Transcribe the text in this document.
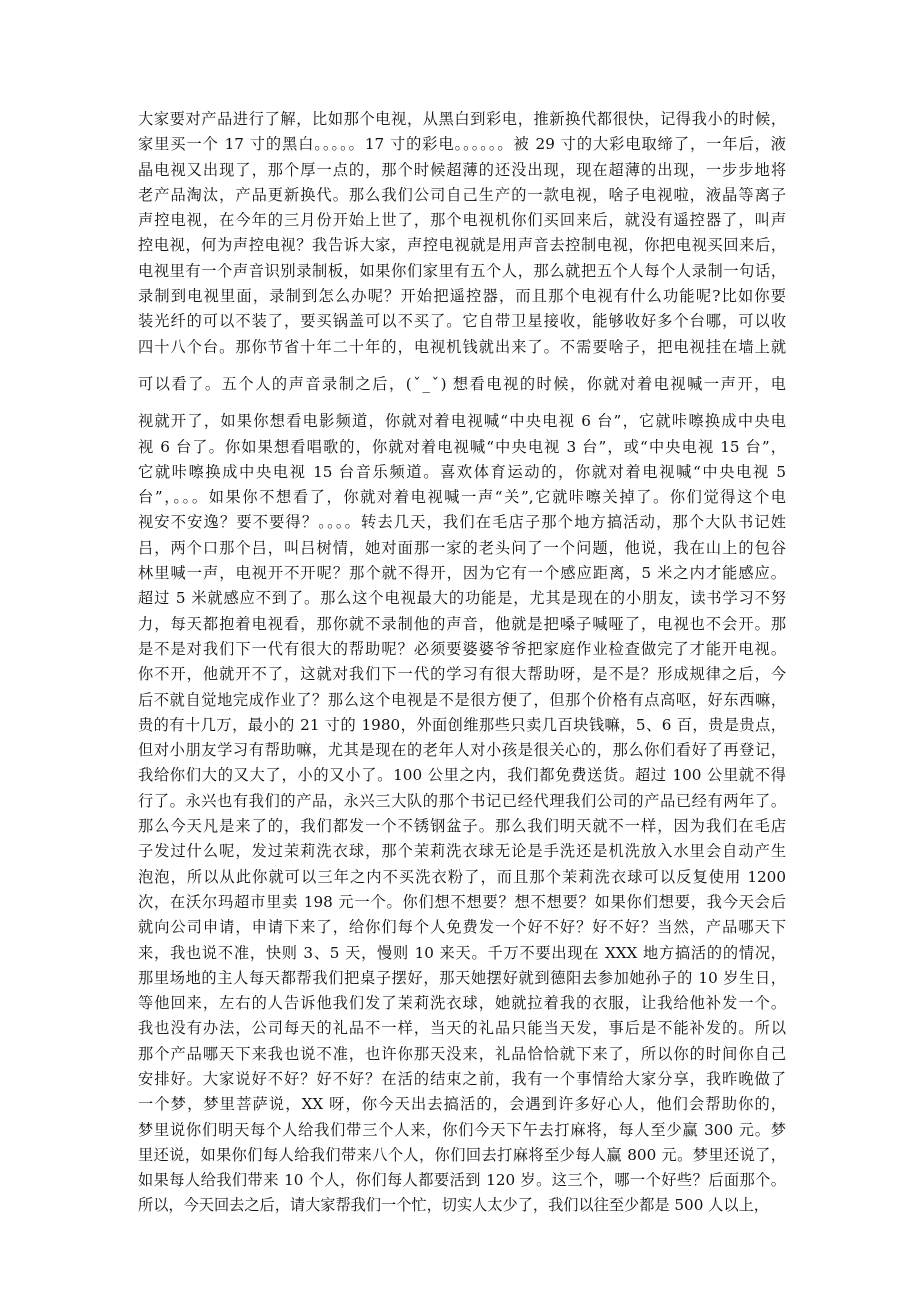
大家要对产品进行了解，比如那个电视，从黑白到彩电，推新换代都很快，记得我小的时候，
家里买一个 17 寸的黑白。。。。。17 寸的彩电。。。。。。被 29 寸的大彩电取缔了，一年后，液
晶电视又出现了，那个厚一点的，那个时候超薄的还没出现，现在超薄的出现，一步步地将
老产品淘汰，产品更新换代。那么我们公司自己生产的一款电视，啥子电视啦，液晶等离子
声控电视，在今年的三月份开始上世了，那个电视机你们买回来后，就没有遥控器了，叫声
控电视，何为声控电视？我告诉大家，声控电视就是用声音去控制电视，你把电视买回来后，
电视里有一个声音识别录制板，如果你们家里有五个人，那么就把五个人每个人录制一句话，
录制到电视里面，录制到怎么办呢？开始把遥控器，而且那个电视有什么功能呢?比如你要
装光纤的可以不装了，要买锅盖可以不买了。它自带卫星接收，能够收好多个台哪，可以收
四十八个台。那你节省十年二十年的，电视机钱就出来了。不需要啥子，把电视挂在墙上就
可以看了。五个人的声音录制之后，(ˇ_ˇ) 想看电视的时候，你就对着电视喊一声开，电
视就开了，如果你想看电影频道，你就对着电视喊“中央电视 6 台”，它就咔嚓换成中央电
视 6 台了。你如果想看唱歌的，你就对着电视喊“中央电视 3 台”，或“中央电视 15 台”，
它就咔嚓换成中央电视 15 台音乐频道。喜欢体育运动的，你就对着电视喊“中央电视 5
台”，。。。如果你不想看了，你就对着电视喊一声“关”,它就咔嚓关掉了。你们觉得这个电
视安不安逸？要不要得？。。。。转去几天，我们在毛店子那个地方搞活动，那个大队书记姓
吕，两个口那个吕，叫吕树情，她对面那一家的老头问了一个问题，他说，我在山上的包谷
林里喊一声，电视开不开呢？那个就不得开，因为它有一个感应距离，5 米之内才能感应。
超过 5 米就感应不到了。那么这个电视最大的功能是，尤其是现在的小朋友，读书学习不努
力，每天都抱着电视看，那你就不录制他的声音，他就是把嗓子喊哑了，电视也不会开。那
是不是对我们下一代有很大的帮助呢？必须要婆婆爷爷把家庭作业检查做完了才能开电视。
你不开，他就开不了，这就对我们下一代的学习有很大帮助呀，是不是？形成规律之后，今
后不就自觉地完成作业了？那么这个电视是不是很方便了，但那个价格有点高呕，好东西嘛，
贵的有十几万，最小的 21 寸的 1980，外面创维那些只卖几百块钱嘛，5、6 百，贵是贵点，
但对小朋友学习有帮助嘛，尤其是现在的老年人对小孩是很关心的，那么你们看好了再登记，
我给你们大的又大了，小的又小了。100 公里之内，我们都免费送货。超过 100 公里就不得
行了。永兴也有我们的产品，永兴三大队的那个书记已经代理我们公司的产品已经有两年了。
那么今天凡是来了的，我们都发一个不锈钢盆子。那么我们明天就不一样，因为我们在毛店
子发过什么呢，发过茉莉洗衣球，那个茉莉洗衣球无论是手洗还是机洗放入水里会自动产生
泡泡，所以从此你就可以三年之内不买洗衣粉了，而且那个茉莉洗衣球可以反复使用 1200
次，在沃尔玛超市里卖 198 元一个。你们想不想要？想不想要？如果你们想要，我今天会后
就向公司申请，申请下来了，给你们每个人免费发一个好不好？好不好？当然，产品哪天下
来，我也说不准，快则 3、5 天，慢则 10 来天。千万不要出现在 XXX 地方搞活的的情况，
那里场地的主人每天都帮我们把桌子摆好，那天她摆好就到德阳去参加她孙子的 10 岁生日，
等他回来，左右的人告诉他我们发了茉莉洗衣球，她就拉着我的衣服，让我给他补发一个。
我也没有办法，公司每天的礼品不一样，当天的礼品只能当天发，事后是不能补发的。所以
那个产品哪天下来我也说不准，也许你那天没来，礼品恰恰就下来了，所以你的时间你自己
安排好。大家说好不好？好不好？在活的结束之前，我有一个事情给大家分享，我昨晚做了
一个梦，梦里菩萨说，XX 呀，你今天出去搞活的，会遇到许多好心人，他们会帮助你的，
梦里说你们明天每个人给我们带三个人来，你们今天下午去打麻将，每人至少赢 300 元。梦
里还说，如果你们每人给我们带来八个人，你们回去打麻将至少每人赢 800 元。梦里还说了，
如果每人给我们带来 10 个人，你们每人都要活到 120 岁。这三个，哪一个好些？后面那个。
所以，今天回去之后，请大家帮我们一个忙，切实人太少了，我们以往至少都是 500 人以上，
